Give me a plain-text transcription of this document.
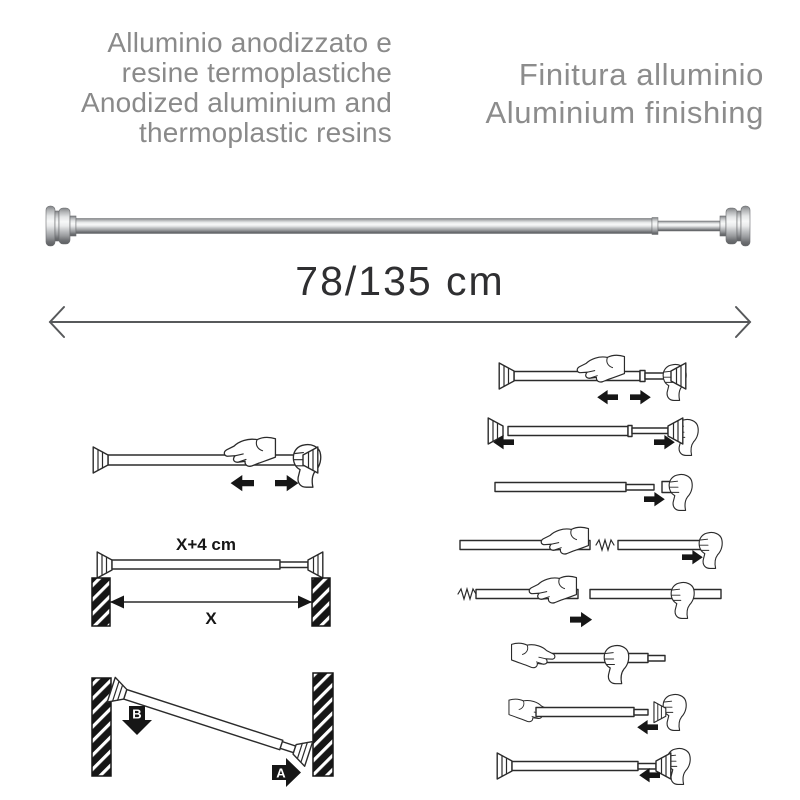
Alluminio anodizzato e
resine termoplastiche
Anodized aluminium and
thermoplastic resins
Finitura alluminio
Aluminium finishing
78/135 cm
X+4 cm
X
B
A
